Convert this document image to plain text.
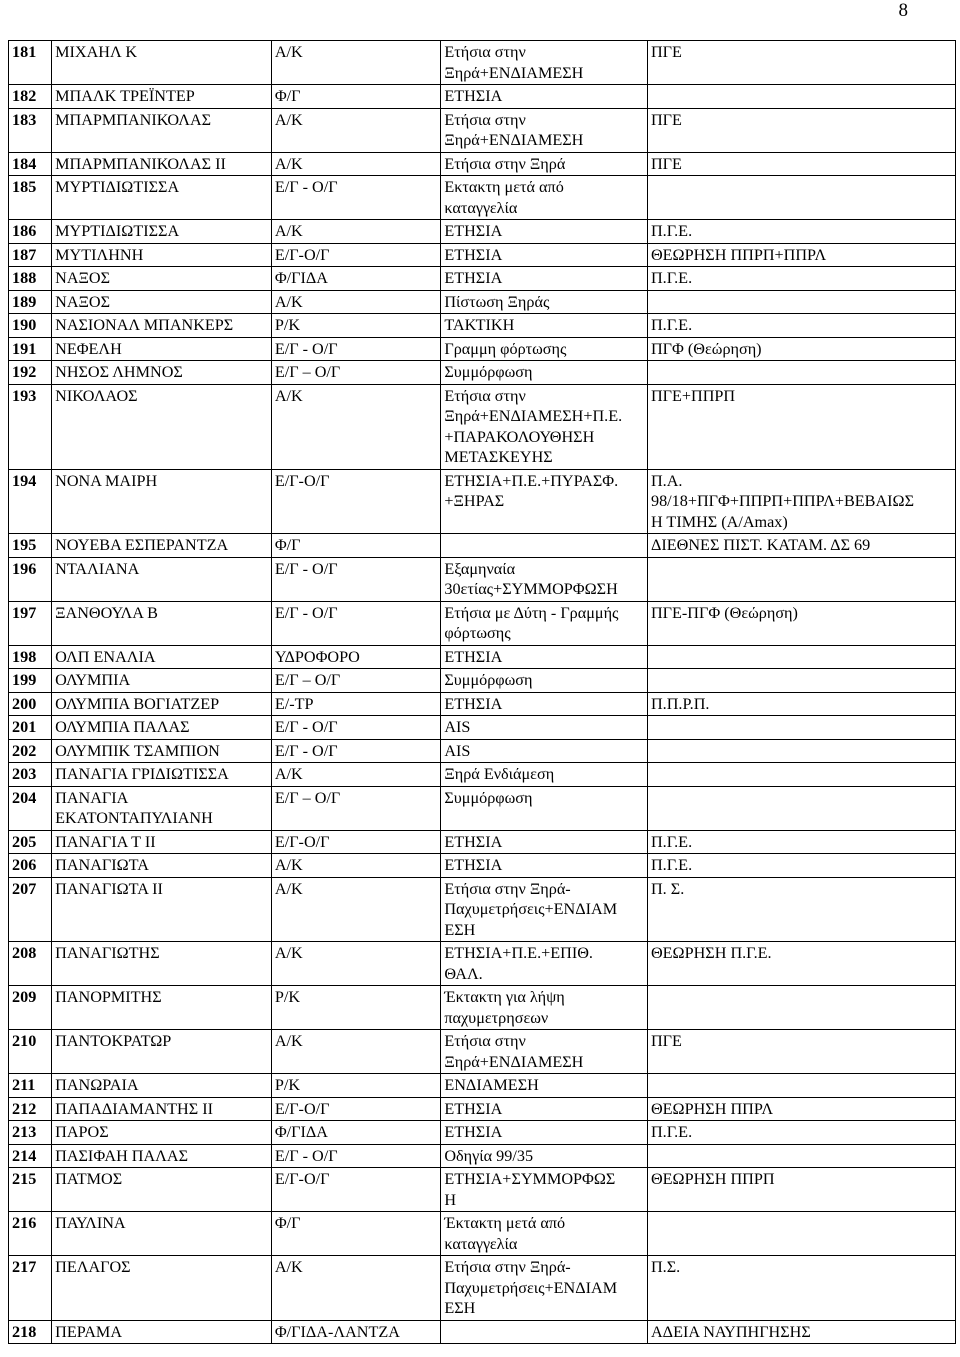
8
181	ΜΙΧΑΗΛ Κ	Α/Κ	Ετήσια στην
Ξηρά+ΕΝΔΙΑΜΕΣΗ	ΠΓΕ
182	ΜΠΑΛΚ ΤΡΕΪΝΤΕΡ	Φ/Γ	ΕΤΗΣΙΑ	
183	ΜΠΑΡΜΠΑΝΙΚΟΛΑΣ	Α/Κ	Ετήσια στην
Ξηρά+ΕΝΔΙΑΜΕΣΗ	ΠΓΕ
184	ΜΠΑΡΜΠΑΝΙΚΟΛΑΣ ΙΙ	Α/Κ	Ετήσια στην Ξηρά	ΠΓΕ
185	ΜΥΡΤΙΔΙΩΤΙΣΣΑ	Ε/Γ - Ο/Γ	Εκτακτη μετά από
καταγγελία	
186	ΜΥΡΤΙΔΙΩΤΙΣΣΑ	Α/Κ	ΕΤΗΣΙΑ	Π.Γ.Ε.
187	ΜΥΤΙΛΗΝΗ	Ε/Γ-Ο/Γ	ΕΤΗΣΙΑ	ΘΕΩΡΗΣΗ ΠΠΡΠ+ΠΠΡΛ
188	ΝΑΞΟΣ	Φ/ΓΙΔΑ	ΕΤΗΣΙΑ	Π.Γ.Ε.
189	ΝΑΞΟΣ	Α/Κ	Πίστωση Ξηράς	
190	ΝΑΣΙΟΝΑΛ ΜΠΑΝΚΕΡΣ	Ρ/Κ	ΤΑΚΤΙΚΗ	Π.Γ.Ε.
191	ΝΕΦΕΛΗ	Ε/Γ - Ο/Γ	Γραμμη φόρτωσης	ΠΓΦ (Θεώρηση)
192	ΝΗΣΟΣ ΛΗΜΝΟΣ	Ε/Γ – Ο/Γ	Συμμόρφωση	
193	ΝΙΚΟΛΑΟΣ	Α/Κ	Ετήσια στην
Ξηρά+ΕΝΔΙΑΜΕΣΗ+Π.Ε.
+ΠΑΡΑΚΟΛΟΥΘΗΣΗ
ΜΕΤΑΣΚΕΥΗΣ	ΠΓΕ+ΠΠΡΠ
194	ΝΟΝΑ ΜΑΙΡΗ	Ε/Γ-Ο/Γ	ΕΤΗΣΙΑ+Π.Ε.+ΠΥΡΑΣΦ.
+ΞΗΡΑΣ	Π.Α.
98/18+ΠΓΦ+ΠΠΡΠ+ΠΠΡΛ+ΒΕΒΑΙΩΣ
Η ΤΙΜΗΣ (Α/Αmax)
195	ΝΟΥΕΒΑ ΕΣΠΕΡΑΝΤΖΑ	Φ/Γ		ΔΙΕΘΝΕΣ ΠΙΣΤ. ΚΑΤΑΜ. ΔΣ 69
196	ΝΤΑΛΙΑΝΑ	Ε/Γ - Ο/Γ	Εξαμηναία
30ετίας+ΣΥΜΜΟΡΦΩΣΗ	
197	ΞΑΝΘΟΥΛΑ Β	Ε/Γ - Ο/Γ	Ετήσια με Δύτη - Γραμμής
φόρτωσης	ΠΓΕ-ΠΓΦ (Θεώρηση)
198	ΟΛΠ ΕΝΑΛΙΑ	ΥΔΡΟΦΟΡΟ	ΕΤΗΣΙΑ	
199	ΟΛΥΜΠΙΑ	Ε/Γ – Ο/Γ	Συμμόρφωση	
200	ΟΛΥΜΠΙΑ ΒΟΓΙΑΤΖΕΡ	Ε/-ΤΡ	ΕΤΗΣΙΑ	Π.Π.Ρ.Π.
201	ΟΛΥΜΠΙΑ ΠΑΛΑΣ	Ε/Γ - Ο/Γ	AIS	
202	ΟΛΥΜΠΙΚ ΤΣΑΜΠΙΟΝ	Ε/Γ - Ο/Γ	AIS	
203	ΠΑΝΑΓΙΑ ΓΡΙΔΙΩΤΙΣΣΑ	Α/Κ	Ξηρά Ενδιάμεση	
204	ΠΑΝΑΓΙΑ
ΕΚΑΤΟΝΤΑΠΥΛΙΑΝΗ	Ε/Γ – Ο/Γ	Συμμόρφωση	
205	ΠΑΝΑΓΙΑ Τ ΙΙ	Ε/Γ-Ο/Γ	ΕΤΗΣΙΑ	Π.Γ.Ε.
206	ΠΑΝΑΓΙΩΤΑ	Α/Κ	ΕΤΗΣΙΑ	Π.Γ.Ε.
207	ΠΑΝΑΓΙΩΤΑ ΙΙ	Α/Κ	Ετήσια στην Ξηρά-
Παχυμετρήσεις+ΕΝΔΙΑΜ
ΕΣΗ	Π. Σ.
208	ΠΑΝΑΓΙΩΤΗΣ	Α/Κ	ΕΤΗΣΙΑ+Π.Ε.+ΕΠΙΘ.
ΘΑΛ.	ΘΕΩΡΗΣΗ Π.Γ.Ε.
209	ΠΑΝΟΡΜΙΤΗΣ	Ρ/Κ	Έκτακτη για λήψη
παχυμετρησεων	
210	ΠΑΝΤΟΚΡΑΤΩΡ	Α/Κ	Ετήσια στην
Ξηρά+ΕΝΔΙΑΜΕΣΗ	ΠΓΕ
211	ΠΑΝΩΡΑΙΑ	Ρ/Κ	ΕΝΔΙΑΜΕΣΗ	
212	ΠΑΠΑΔΙΑΜΑΝΤΗΣ ΙΙ	Ε/Γ-Ο/Γ	ΕΤΗΣΙΑ	ΘΕΩΡΗΣΗ ΠΠΡΛ
213	ΠΑΡΟΣ	Φ/ΓΙΔΑ	ΕΤΗΣΙΑ	Π.Γ.Ε.
214	ΠΑΣΙΦΑΗ ΠΑΛΑΣ	Ε/Γ - Ο/Γ	Οδηγία 99/35	
215	ΠΑΤΜΟΣ	Ε/Γ-Ο/Γ	ΕΤΗΣΙΑ+ΣΥΜΜΟΡΦΩΣ
Η	ΘΕΩΡΗΣΗ ΠΠΡΠ
216	ΠΑΥΛΙΝΑ	Φ/Γ	Έκτακτη μετά από
καταγγελία	
217	ΠΕΛΑΓΟΣ	Α/Κ	Ετήσια στην Ξηρά-
Παχυμετρήσεις+ΕΝΔΙΑΜ
ΕΣΗ	Π.Σ.
218	ΠΕΡΑΜΑ	Φ/ΓΙΔΑ-ΛΑΝΤΖΑ		ΑΔΕΙΑ ΝΑΥΠΗΓΗΣΗΣ
